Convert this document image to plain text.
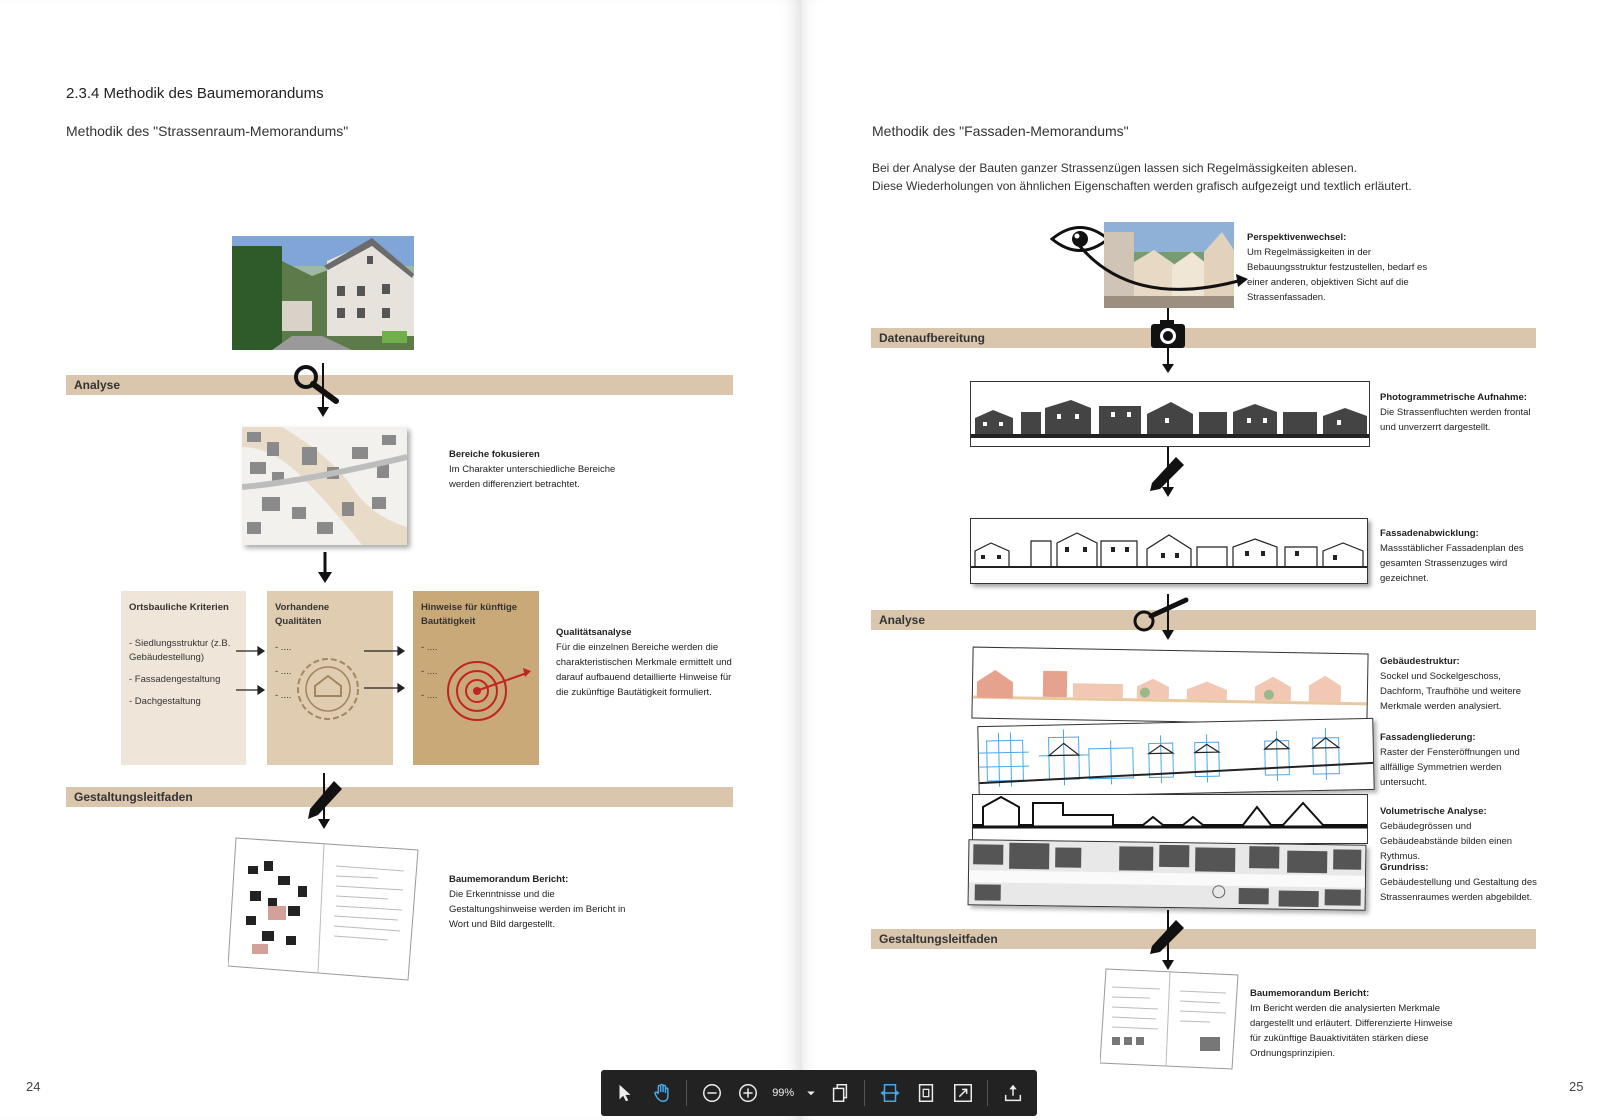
2.3.4 Methodik des Baumemorandums
Methodik des "Strassenraum-Memorandums"
Analyse
Bereiche fokusieren
Im Charakter unterschiedliche Bereiche werden differenziert betrachtet.
Ortsbauliche Kriterien
- Siedlungsstruktur (z.B. Gebäudestellung)
- Fassadengestaltung
- Dachgestaltung
Vorhandene Qualitäten
- ....
- ....
- ....
Hinweise für künftige Bautätigkeit
- ....
- ....
- ....
Qualitätsanalyse
Für die einzelnen Bereiche werden die charakteristischen Merkmale ermittelt und darauf aufbauend detaillierte Hinweise für die zukünftige Bautätigkeit formuliert.
Gestaltungsleitfaden
Baumemorandum Bericht:
Die Erkenntnisse und die Gestaltungshinweise werden im Bericht in Wort und Bild dargestellt.
24
Methodik des "Fassaden-Memorandums"
Bei der Analyse der Bauten ganzer Strassenzügen lassen sich Regelmässigkeiten ablesen.
Diese Wiederholungen von ähnlichen Eigenschaften werden grafisch aufgezeigt und textlich erläutert.
Perspektivenwechsel:
Um Regelmässigkeiten in der Bebauungsstruktur festzustellen, bedarf es einer anderen, objektiven Sicht auf die Strassenfassaden.
Datenaufbereitung
Photogrammetrische Aufnahme:
Die Strassenfluchten werden frontal und unverzerrt dargestellt.
Fassadenabwicklung:
Massstäblicher Fassadenplan des gesamten Strassenzuges wird gezeichnet.
Analyse
Gebäudestruktur:
Sockel und Sockelgeschoss, Dachform, Traufhöhe und weitere Merkmale werden analysiert.
Fassadengliederung:
Raster der Fensteröffnungen und allfällige Symmetrien werden untersucht.
Volumetrische Analyse:
Gebäudegrössen und Gebäudeabstände bilden einen Rythmus.
Grundriss:
Gebäudestellung und Gestaltung des Strassenraumes werden abgebildet.
Gestaltungsleitfaden
Baumemorandum Bericht:
Im Bericht werden die analysierten Merkmale dargestellt und erläutert. Differenzierte Hinweise für zukünftige Bauaktivitäten stärken diese Ordnungsprinzipien.
25
99%
